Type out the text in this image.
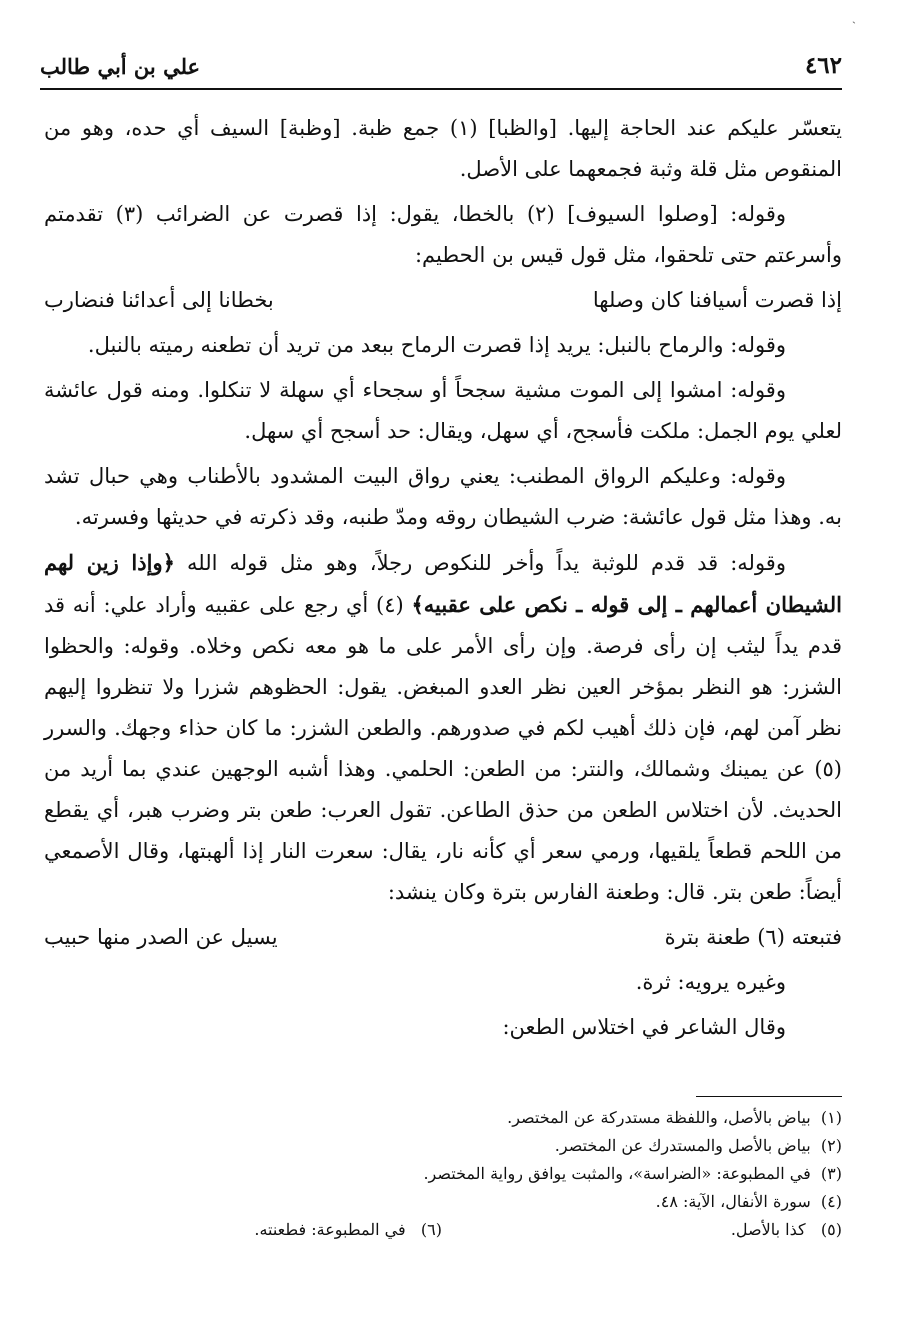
ˎ
٤٦٢
علي بن أبي طالب

يتعسّر عليكم عند الحاجة إليها. [والظبا] (١) جمع ظبة. [وظبة] السيف أي حده، وهو من المنقوص مثل قلة وثبة فجمعهما على الأصل.

وقوله: [وصلوا السيوف] (٢) بالخطا، يقول: إذا قصرت عن الضرائب (٣) تقدمتم وأسرعتم حتى تلحقوا، مثل قول قيس بن الحطيم:

إذا قصرت أسيافنا كان وصلها
بخطانا إلى أعدائنا فنضارب

وقوله: والرماح بالنبل: يريد إذا قصرت الرماح ببعد من تريد أن تطعنه رميته بالنبل.

وقوله: امشوا إلى الموت مشية سجحاً أو سجحاء أي سهلة لا تنكلوا. ومنه قول عائشة لعلي يوم الجمل: ملكت فأسجح، أي سهل، ويقال: حد أسجح أي سهل.

وقوله: وعليكم الرواق المطنب: يعني رواق البيت المشدود بالأطناب وهي حبال تشد به. وهذا مثل قول عائشة: ضرب الشيطان روقه ومدّ طنبه، وقد ذكرته في حديثها وفسرته.

وقوله: قد قدم للوثبة يداً وأخر للنكوص رجلاً، وهو مثل قوله الله ﴿وإذا زين لهم الشيطان أعمالهم ـ إلى قوله ـ نكص على عقبيه﴾ (٤) أي رجع على عقبيه وأراد علي: أنه قد قدم يداً ليثب إن رأى فرصة. وإن رأى الأمر على ما هو معه نكص وخلاه. وقوله: والحظوا الشزر: هو النظر بمؤخر العين نظر العدو المبغض. يقول: الحظوهم شزرا ولا تنظروا إليهم نظر آمن لهم، فإن ذلك أهيب لكم في صدورهم. والطعن الشزر: ما كان حذاء وجهك. والسرر (٥) عن يمينك وشمالك، والنتر: من الطعن: الحلمي. وهذا أشبه الوجهين عندي بما أريد من الحديث. لأن اختلاس الطعن من حذق الطاعن. تقول العرب: طعن بتر وضرب هبر، أي يقطع من اللحم قطعاً يلقيها، ورمي سعر أي كأنه نار، يقال: سعرت النار إذا ألهبتها، وقال الأصمعي أيضاً: طعن بتر. قال: وطعنة الفارس بترة وكان ينشد:

فتبعته (٦) طعنة بترة
يسيل عن الصدر منها حبيب

وغيره يرويه: ثرة.

وقال الشاعر في اختلاس الطعن:

(١)

بياض بالأصل، واللفظة مستدركة عن المختصر.
(٢)

بياض بالأصل والمستدرك عن المختصر.
(٣)

في المطبوعة: «الضراسة»، والمثبت يوافق رواية المختصر.
(٤)

سورة الأنفال، الآية: ٤٨.
(٥)   كذا بالأصل.
(٦)   في المطبوعة: فطعنته.
